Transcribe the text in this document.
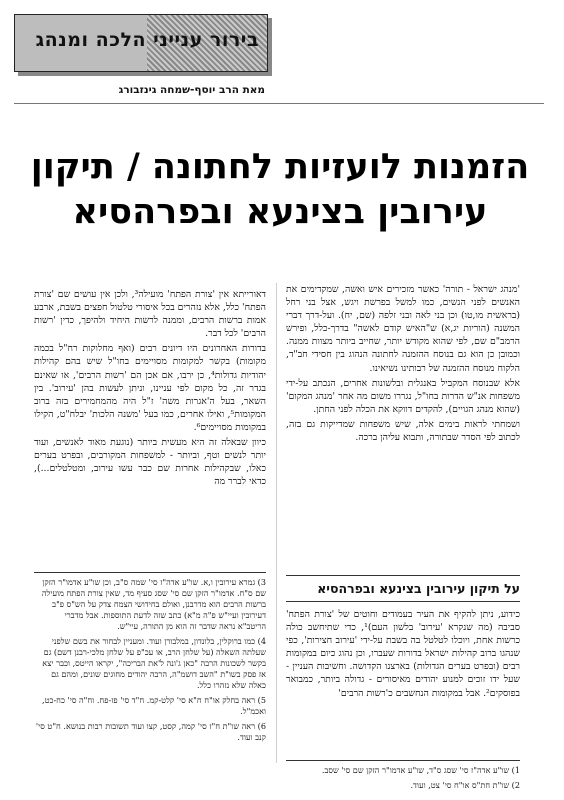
בירור ענייני הלכה ומנהג
מאת הרב יוסף-שמחה גינזבורג
הזמנות לועזיות לחתונה / תיקון
עירובין בצינעא ובפרהסיא

'מנהג ישראל - תורה' כאשר מזכירים איש ואשה, שמקדימים את האנשים לפני הנשים, כמו למשל בפרשת ויגש, אצל בני רחל (בראשית מו,טו) וכן בני לאה ובני זלפה (שם, יח). ועל-דרך דברי המשנה (הוריות יג,א) ש"האיש קודם לאשה" בדרך-כלל, ופירש הרמב"ם שם, לפי שהוא מקודש יותר, שחייב ביותר מצוות ממנה. וכמובן כן הוא גם בנוסח ההזמנה לחתונה הנהוג בין חסידי חב"ד, הלקוח מנוסח ההזמנה של רבותינו נשיאינו.

אלא שבנוסח המקביל באנגלית ובלשונות אחרים, הנכתב על-ידי משפחות אנ"ש הדרות בחו"ל, נגררו משום מה אחר 'מנהג המקום' (שהוא מנהג הגויים), להקדים דווקא את הכלה לפני החתן.

ושמחתי לראות בימים אלה, שיש משפחות שמדייקות גם בזה, לכתוב לפי הסדר שבתורה, ותבוא עליהן ברכה.

על תיקון עירובין בצינעא ובפרהסיא

כידוע, ניתן להקיף את העיר בעמודים וחוטים של 'צורת הפתח' סביבה (מה שנקרא 'עירוב' בלשון העם)¹, כדי שתיחשב כולה כרשות אחת, ויוכלו לטלטל בה בשבת על-ידי 'עירוב חצירות', כפי שנהגו ברוב קהילות ישראל בדורות שעברו, וכן נהוג כיום במקומות רבים (ובפרט בערים הגדולות) בארצנו הקדושה. וחשיבות העניין - שעל ידו זוכים למנוע יהודים מאיסורים - גדולה ביותר, כמבואר בפוסקים². אבל במקומות הנחשבים כ'רשות הרבים'

דאורייתא אין 'צורת הפתח' מועילה³, ולכן אין עושים שם 'צורת הפתח' כלל, אלא נזהרים בכל איסורי טלטול חפצים בשבת, ארבע אמות ברשות הרבים, וממנה לרשות היחיד ולהיפך, כדין 'רשות הרבים' לכל דבר.

בדורות האחרונים היו דיונים רבים (ואף מחלוקות רח"ל בכמה מקומות) בקשר למקומות מסויימים בחו"ל שיש בהם קהילות יהודיות גדולות⁴, כן ירבו, אם אכן הם 'רשות הרבים', או שאינם בגדר זה, כל מקום לפי עניינו, וניתן לעשות בהן 'עירוב'. בין השאר, בעל ה'אגרות משה' ז"ל היה מהמחמירים בזה ברוב המקומות⁵, ואילו אחרים, כמו בעל 'משנה הלכות' יבלח"ט, הקילו במקומות מסויימים⁶.

כיוון שבאלה זה היא מעשית ביותר (נוגעת מאוד לאנשים, ועוד יותר לנשים וטף, וביותר - למשפחות המקורבים, ובפרט בערים כאלו, שבקהילות אחרות שם כבר עשו עירוב, ומטלטלים...), כדאי לברר מה

3) גמרא עירובין ו,א. שו"ע אדה"ז סי' שמה ס"ב, וכן שו"ע אדמו"ר הזקן שם ס"ח. אדמו"ר הזקן שם סי' שסג סעיף מד, שאין צורת הפתח מועילה ברשות הרבים הוא מדרבנן, ואולם בחידושי הצמח צדק על הש"ס פ"ב דעירובין ועיי"ש פ"ה מ"א) כתב שזה לדעת התוספות. אבל מדברי הריטב"א נראה שדבר זה הוא מן התורה, עיי"ש.

4) כמו ברוקלין, בלונדון, במלבורן ועוד. ומעניין לבחור את בשם שלפני שעלתה השאלה (על שלחן הרב, או עכ"פ על שלחן מלכי-רבנן דשם) גם בקשר לשכונות הרבה "כאן ג'ונה ל'את הבריכה", יקראו הייטס, וכבר יצא אז פסק בשו"ת "השב דושמ"ה, הרבה יהודים מחוגים שונים, ומהם גם כאלה שלא נזהרו כלל.

5) ראה בחלק או"ח ח"א סי' קלט-קמ. ח"ד סי' פז-פח. וח"ה סי' כח-כט, ואכמ"ל.

6) ראה שו"ת ח"ז סי' קמה, קסט, קצו ועוד תשובות רבות בנושא. ח"ט סי' קנב ועוד.

1) שו"ע אדה"ז סי' שסג ס"ד, שו"ע אדמו"ר הזקן שם סי' שסב.

2) שו"ת חת"ס או"ח סי' צט, ועוד.
